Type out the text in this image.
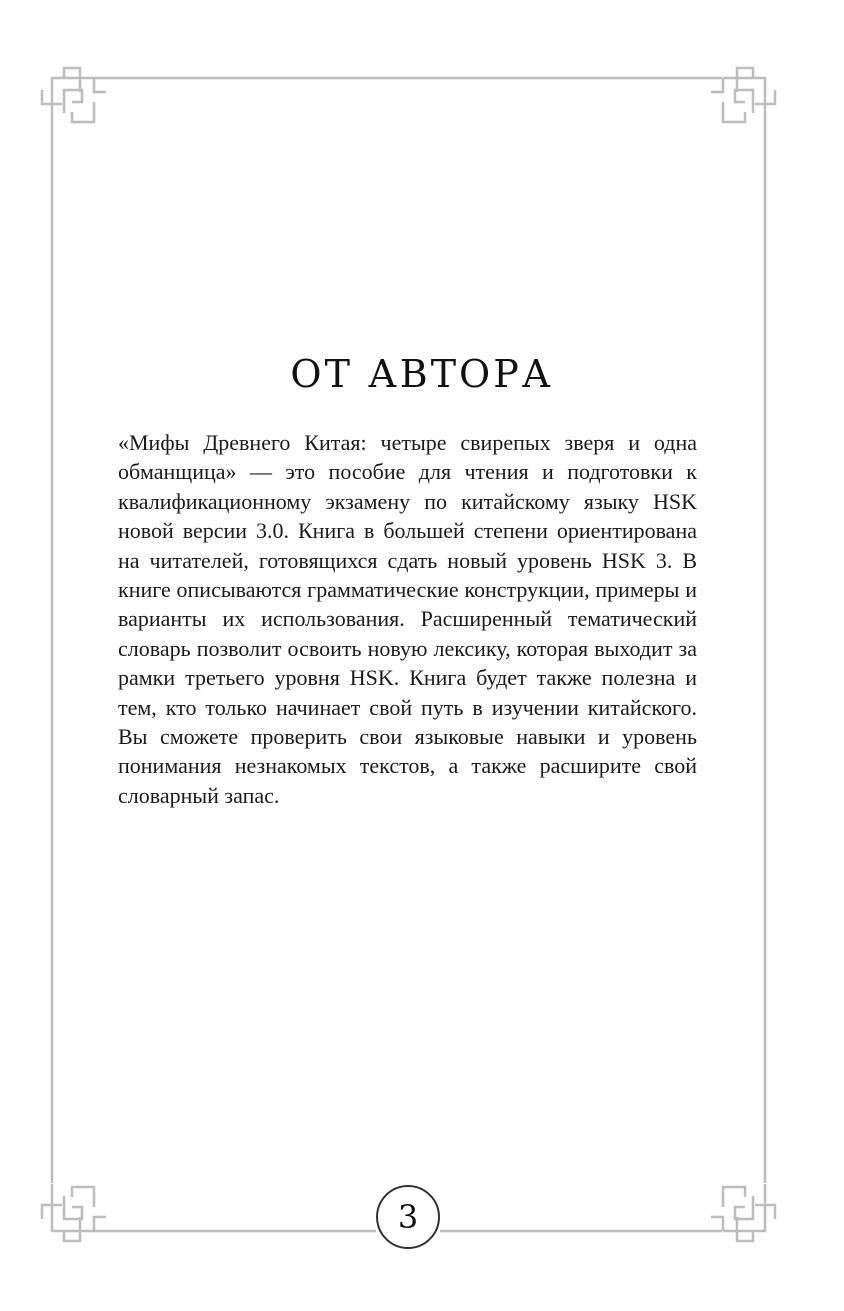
ОТ АВТОРА

«Мифы Древнего Китая: четыре свирепых зверя и одна обманщица» — это пособие для чтения и подготовки к квалификационному экзамену по китайскому языку HSK новой версии 3.0. Книга в большей степени ориентирована на читателей, готовящихся сдать новый уровень HSK 3. В книге описываются грамматические конструкции, примеры и варианты их использования. Расширенный тематический словарь позволит освоить новую лексику, которая выходит за рамки третьего уровня HSK. Книга будет также полезна и тем, кто только начинает свой путь в изучении китайского. Вы сможете проверить свои языковые навыки и уровень понимания незнакомых текстов, а также расширите свой словарный запас.

3
